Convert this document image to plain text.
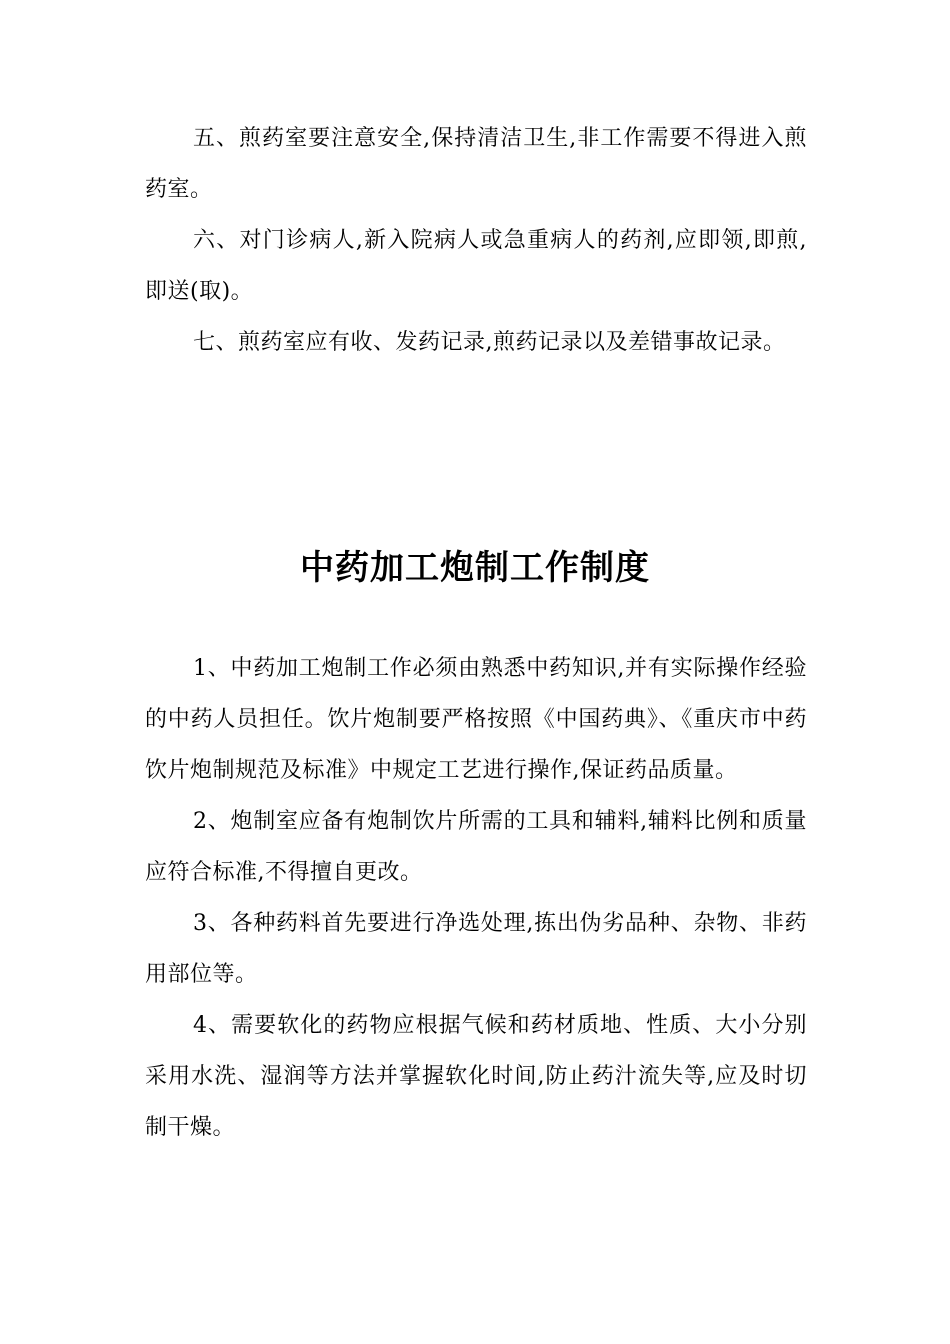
五、煎药室要注意安全,保持清洁卫生,非工作需要不得进入煎药室。

六、对门诊病人,新入院病人或急重病人的药剂,应即领,即煎,即送(取)。

七、煎药室应有收、发药记录,煎药记录以及差错事故记录。

中药加工炮制工作制度

1、中药加工炮制工作必须由熟悉中药知识,并有实际操作经验的中药人员担任。饮片炮制要严格按照《中国药典》、《重庆市中药饮片炮制规范及标准》中规定工艺进行操作,保证药品质量。

2、炮制室应备有炮制饮片所需的工具和辅料,辅料比例和质量应符合标准,不得擅自更改。

3、各种药料首先要进行净选处理,拣出伪劣品种、杂物、非药用部位等。

4、需要软化的药物应根据气候和药材质地、性质、大小分别采用水洗、湿润等方法并掌握软化时间,防止药汁流失等,应及时切制干燥。
